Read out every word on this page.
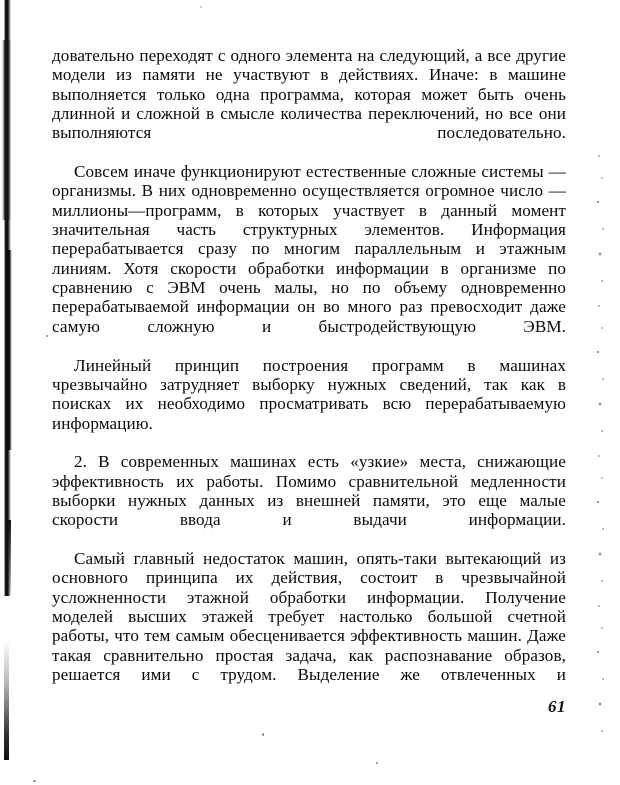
довательно переходят с одного элемента на следующий, а все другие модели из памяти не участвуют в действиях. Иначе: в машине выполняется только одна программа, которая может быть очень длинной и сложной в смысле количества переключений, но все они выполняются последовательно.

Совсем иначе функционируют естественные сложные системы — организмы. В них одновременно осуществляется огромное число — миллионы—программ, в которых участвует в данный момент значительная часть структурных элементов. Информация перерабатывается сразу по многим параллельным и этажным линиям. Хотя скорости обработки информации в организме по сравнению с ЭВМ очень малы, но по объему одновременно перерабатываемой информации он во много раз превосходит даже самую сложную и быстродействующую ЭВМ.

Линейный принцип построения программ в машинах чрезвычайно затрудняет выборку нужных сведений, так как в поисках их необходимо просматривать всю перерабатываемую информацию.

2. В современных машинах есть «узкие» места, снижающие эффективность их работы. Помимо сравнительной медленности выборки нужных данных из внешней памяти, это еще малые скорости ввода и выдачи информации.

Самый главный недостаток машин, опять-таки вытекающий из основного принципа их действия, состоит в чрезвычайной усложненности этажной обработки информации. Получение моделей высших этажей требует настолько большой счетной работы, что тем самым обесценивается эффективность машин. Даже такая сравнительно простая задача, как распознавание образов, решается ими с трудом. Выделение же отвлеченных и

61
